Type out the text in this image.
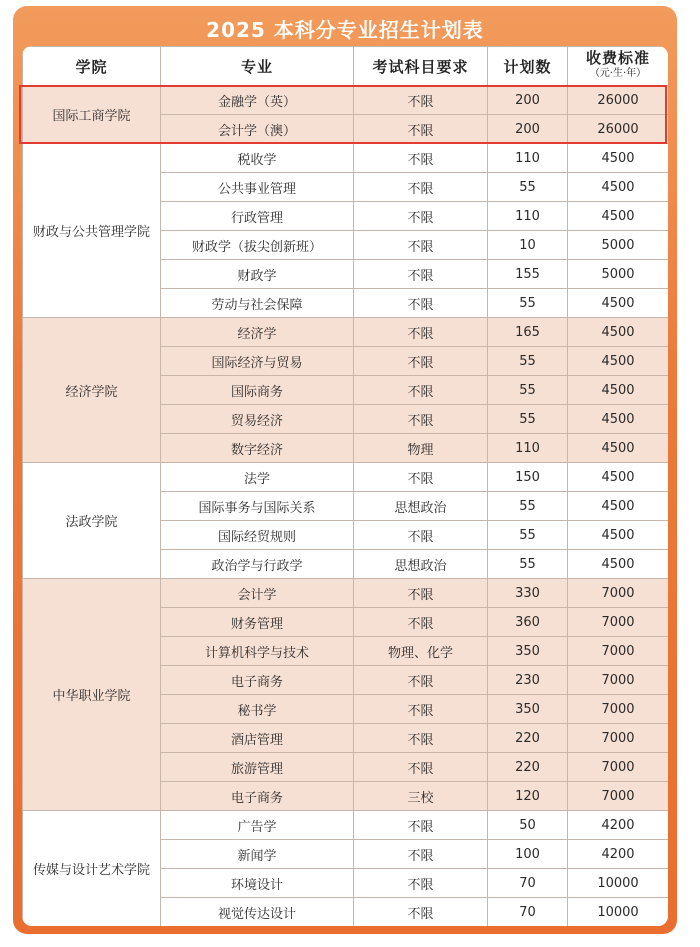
2025 本科分专业招生计划表
学院	专业	考试科目要求	计划数	收费标准
（元·生·年）

国际工商学院	金融学（英）	不限	200	26000
	会计学（澳）	不限	200	26000
财政与公共管理学院	税收学	不限	110	4500
	公共事业管理	不限	55	4500
	行政管理	不限	110	4500
	财政学（拔尖创新班）	不限	10	5000
	财政学	不限	155	5000
	劳动与社会保障	不限	55	4500
经济学院	经济学	不限	165	4500
	国际经济与贸易	不限	55	4500
	国际商务	不限	55	4500
	贸易经济	不限	55	4500
	数字经济	物理	110	4500
法政学院	法学	不限	150	4500
	国际事务与国际关系	思想政治	55	4500
	国际经贸规则	不限	55	4500
	政治学与行政学	思想政治	55	4500
中华职业学院	会计学	不限	330	7000
	财务管理	不限	360	7000
	计算机科学与技术	物理、化学	350	7000
	电子商务	不限	230	7000
	秘书学	不限	350	7000
	酒店管理	不限	220	7000
	旅游管理	不限	220	7000
	电子商务	三校	120	7000
传媒与设计艺术学院	广告学	不限	50	4200
	新闻学	不限	100	4200
	环境设计	不限	70	10000
	视觉传达设计	不限	70	10000
